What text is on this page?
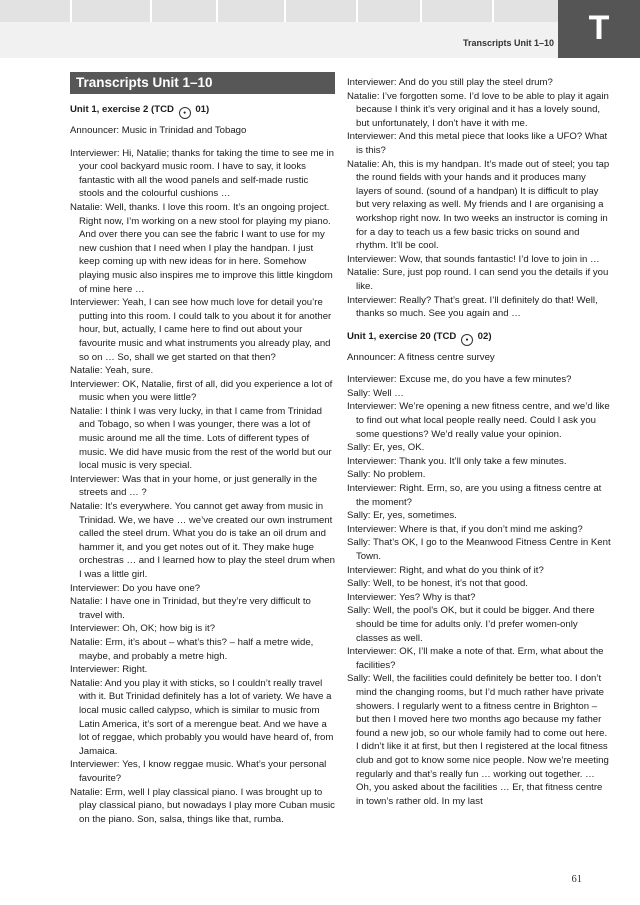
T
Transcripts Unit 1–10
Transcripts Unit 1–10
Unit 1, exercise 2 (TCD ● 01)

Announcer: Music in Trinidad and Tobago

Interviewer: Hi, Natalie; thanks for taking the time to see me in your cool backyard music room. I have to say, it looks fantastic with all the wood panels and self-made rustic stools and the colourful cushions …

Natalie: Well, thanks. I love this room. It’s an ongoing project. Right now, I’m working on a new stool for playing my piano. And over there you can see the fabric I want to use for my new cushion that I need when I play the handpan. I just keep coming up with new ideas for in here. Somehow playing music also inspires me to improve this little kingdom of mine here …

Interviewer: Yeah, I can see how much love for detail you’re putting into this room. I could talk to you about it for another hour, but, actually, I came here to find out about your favourite music and what instruments you already play, and so on … So, shall we get started on that then?

Natalie: Yeah, sure.

Interviewer: OK, Natalie, first of all, did you experience a lot of music when you were little?

Natalie: I think I was very lucky, in that I came from Trinidad and Tobago, so when I was younger, there was a lot of music around me all the time. Lots of different types of music. We did have music from the rest of the world but our local music is very special.

Interviewer: Was that in your home, or just generally in the streets and … ?

Natalie: It’s everywhere. You cannot get away from music in Trinidad. We, we have … we’ve created our own instrument called the steel drum. What you do is take an oil drum and hammer it, and you get notes out of it. They make huge orchestras … and I learned how to play the steel drum when I was a little girl.

Interviewer: Do you have one?

Natalie: I have one in Trinidad, but they’re very difficult to travel with.

Interviewer: Oh, OK; how big is it?

Natalie: Erm, it’s about – what’s this? – half a metre wide, maybe, and probably a metre high.

Interviewer: Right.

Natalie: And you play it with sticks, so I couldn’t really travel with it. But Trinidad definitely has a lot of variety. We have a local music called calypso, which is similar to music from Latin America, it’s sort of a merengue beat. And we have a lot of reggae, which probably you would have heard of, from Jamaica.

Interviewer: Yes, I know reggae music. What’s your personal favourite?

Natalie: Erm, well I play classical piano. I was brought up to play classical piano, but nowadays I play more Cuban music on the piano. Son, salsa, things like that, rumba.

Interviewer: And do you still play the steel drum?

Natalie: I’ve forgotten some. I’d love to be able to play it again because I think it’s very original and it has a lovely sound, but unfortunately, I don’t have it with me.

Interviewer: And this metal piece that looks like a UFO? What is this?

Natalie: Ah, this is my handpan. It’s made out of steel; you tap the round fields with your hands and it produces many layers of sound. (sound of a handpan) It is difficult to play but very relaxing as well. My friends and I are organising a workshop right now. In two weeks an instructor is coming in for a day to teach us a few basic tricks on sound and rhythm. It’ll be cool.

Interviewer: Wow, that sounds fantastic! I’d love to join in …

Natalie: Sure, just pop round. I can send you the details if you like.

Interviewer: Really? That’s great. I’ll definitely do that! Well, thanks so much. See you again and …

Unit 1, exercise 20 (TCD ● 02)

Announcer: A fitness centre survey

Interviewer: Excuse me, do you have a few minutes?

Sally: Well …

Interviewer: We’re opening a new fitness centre, and we’d like to find out what local people really need. Could I ask you some questions? We’d really value your opinion.

Sally: Er, yes, OK.

Interviewer: Thank you. It’ll only take a few minutes.

Sally: No problem.

Interviewer: Right. Erm, so, are you using a fitness centre at the moment?

Sally: Er, yes, sometimes.

Interviewer: Where is that, if you don’t mind me asking?

Sally: That’s OK, I go to the Meanwood Fitness Centre in Kent Town.

Interviewer: Right, and what do you think of it?

Sally: Well, to be honest, it’s not that good.

Interviewer: Yes? Why is that?

Sally: Well, the pool’s OK, but it could be bigger. And there should be time for adults only. I’d prefer women-only classes as well.

Interviewer: OK, I’ll make a note of that. Erm, what about the facilities?

Sally: Well, the facilities could definitely be better too. I don’t mind the changing rooms, but I’d much rather have private showers. I regularly went to a fitness centre in Brighton – but then I moved here two months ago because my father found a new job, so our whole family had to come out here. I didn’t like it at first, but then I registered at the local fitness club and got to know some nice people. Now we’re meeting regularly and that’s really fun … working out together. … Oh, you asked about the facilities … Er, that fitness centre in town’s rather old. In my last

61
